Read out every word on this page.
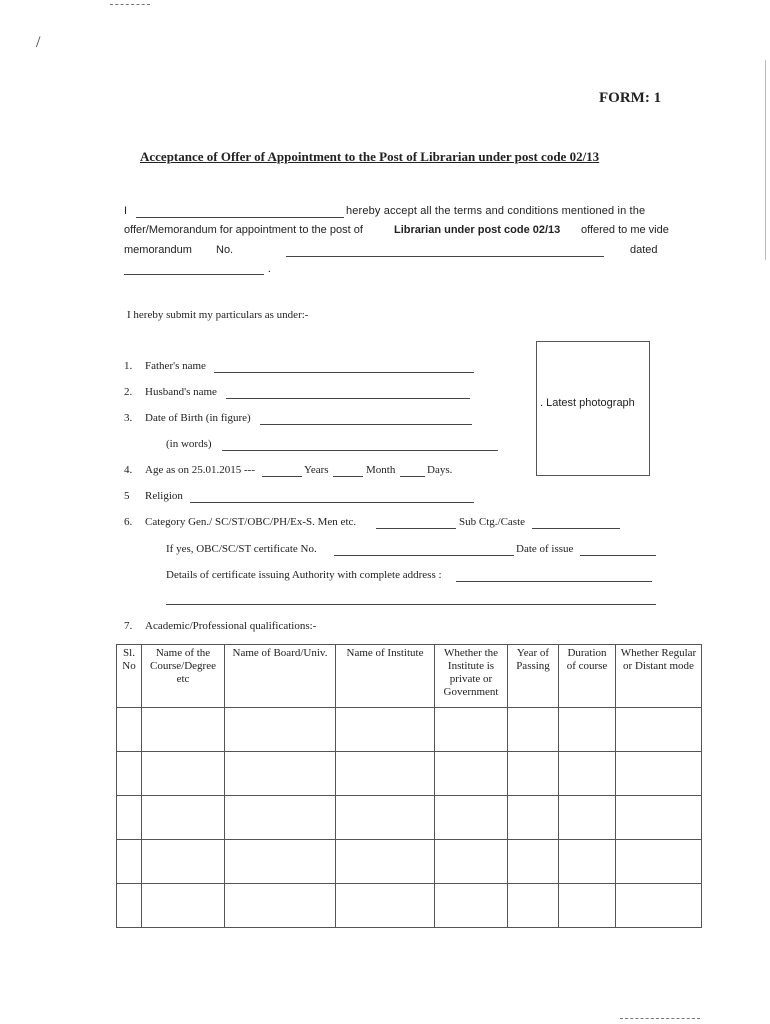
/
FORM: 1
Acceptance of Offer of Appointment to the Post of Librarian under post code 02/13
I	hereby accept all the terms and conditions mentioned in the
offer/Memorandum for appointment to the post of	Librarian under post code 02/13 offered to me vide
memorandum No.	dated
.
I hereby submit my particulars as under:-
. Latest photograph
1. Father's name
2. Husband's name
3. Date of Birth (in figure)
(in words)
4. Age as on 25.01.2015 ---	Years	Month	Days.
5 Religion
6. Category Gen./ SC/ST/OBC/PH/Ex-S. Men etc.	Sub Ctg./Caste
If yes, OBC/SC/ST certificate No.	Date of issue
Details of certificate issuing Authority with complete address :
7. Academic/Professional qualifications:-
Sl. No	Name of the Course/Degree etc	Name of Board/Univ.	Name of Institute	Whether the Institute is private or Government	Year of Passing	Duration of course	Whether Regular or Distant mode
